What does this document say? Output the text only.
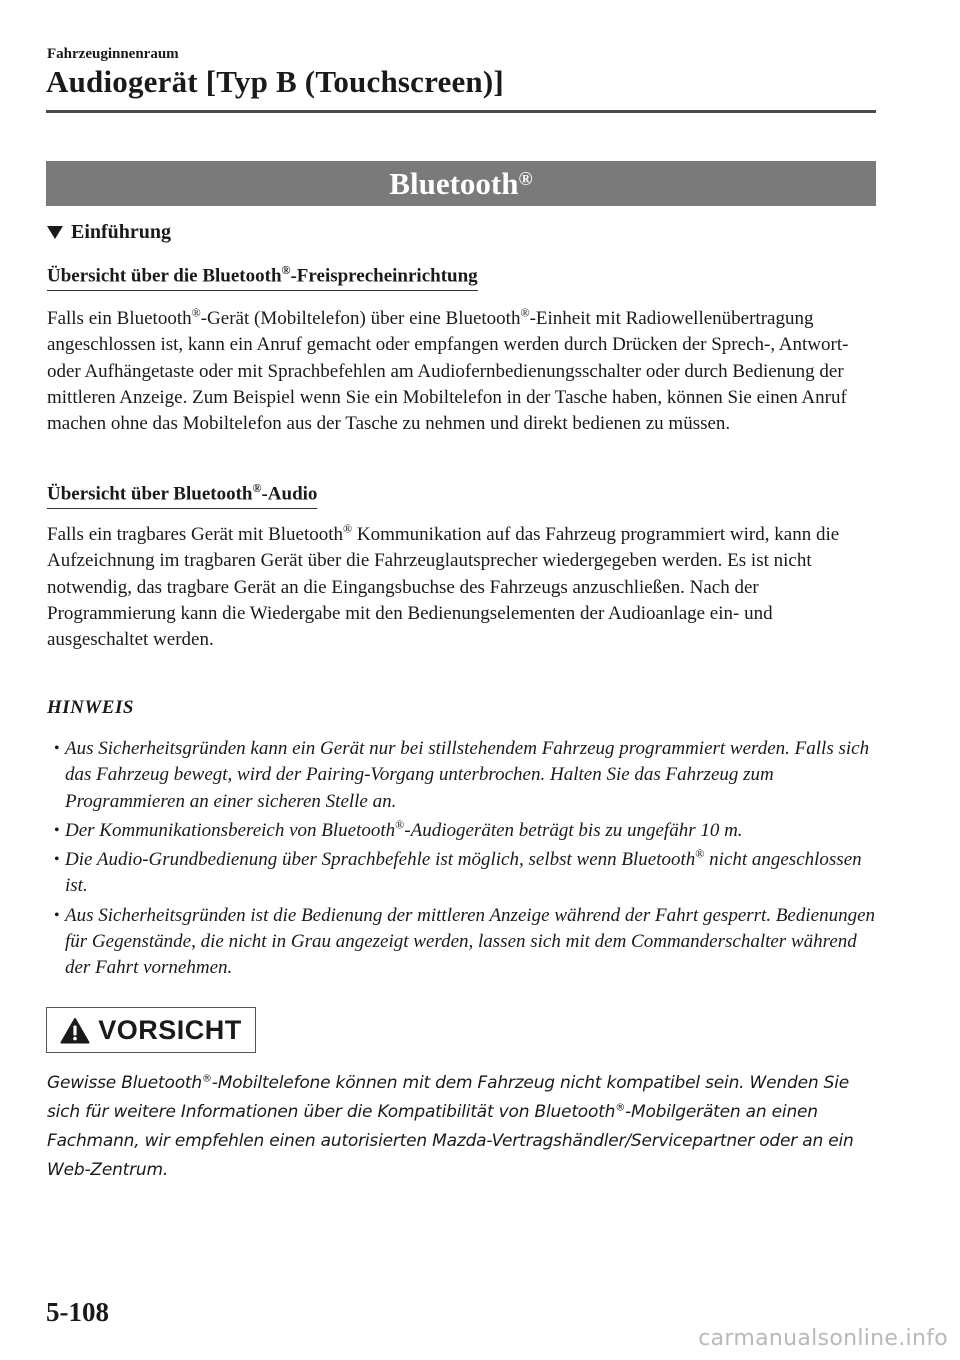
Fahrzeuginnenraum
Audiogerät [Typ B (Touchscreen)]
Bluetooth®
Einführung
Übersicht über die Bluetooth®-Freisprecheinrichtung
Falls ein Bluetooth®-Gerät (Mobiltelefon) über eine Bluetooth®-Einheit mit Radiowellenübertragung angeschlossen ist, kann ein Anruf gemacht oder empfangen werden durch Drücken der Sprech-, Antwort- oder Aufhängetaste oder mit Sprachbefehlen am Audiofernbedienungsschalter oder durch Bedienung der mittleren Anzeige. Zum Beispiel wenn Sie ein Mobiltelefon in der Tasche haben, können Sie einen Anruf machen ohne das Mobiltelefon aus der Tasche zu nehmen und direkt bedienen zu müssen.
Übersicht über Bluetooth®-Audio
Falls ein tragbares Gerät mit Bluetooth® Kommunikation auf das Fahrzeug programmiert wird, kann die Aufzeichnung im tragbaren Gerät über die Fahrzeuglautsprecher wiedergegeben werden. Es ist nicht notwendig, das tragbare Gerät an die Eingangsbuchse des Fahrzeugs anzuschließen. Nach der Programmierung kann die Wiedergabe mit den Bedienungselementen der Audioanlage ein- und ausgeschaltet werden.
HINWEIS
• Aus Sicherheitsgründen kann ein Gerät nur bei stillstehendem Fahrzeug programmiert werden. Falls sich das Fahrzeug bewegt, wird der Pairing-Vorgang unterbrochen. Halten Sie das Fahrzeug zum Programmieren an einer sicheren Stelle an.
• Der Kommunikationsbereich von Bluetooth®-Audiogeräten beträgt bis zu ungefähr 10 m.
• Die Audio-Grundbedienung über Sprachbefehle ist möglich, selbst wenn Bluetooth® nicht angeschlossen ist.
• Aus Sicherheitsgründen ist die Bedienung der mittleren Anzeige während der Fahrt gesperrt. Bedienungen für Gegenstände, die nicht in Grau angezeigt werden, lassen sich mit dem Commanderschalter während der Fahrt vornehmen.
VORSICHT
Gewisse Bluetooth®-Mobiltelefone können mit dem Fahrzeug nicht kompatibel sein. Wenden Sie sich für weitere Informationen über die Kompatibilität von Bluetooth®-Mobilgeräten an einen Fachmann, wir empfehlen einen autorisierten Mazda-Vertragshändler/Servicepartner oder an ein Web-Zentrum.
5-108
carmanualsonline.info
